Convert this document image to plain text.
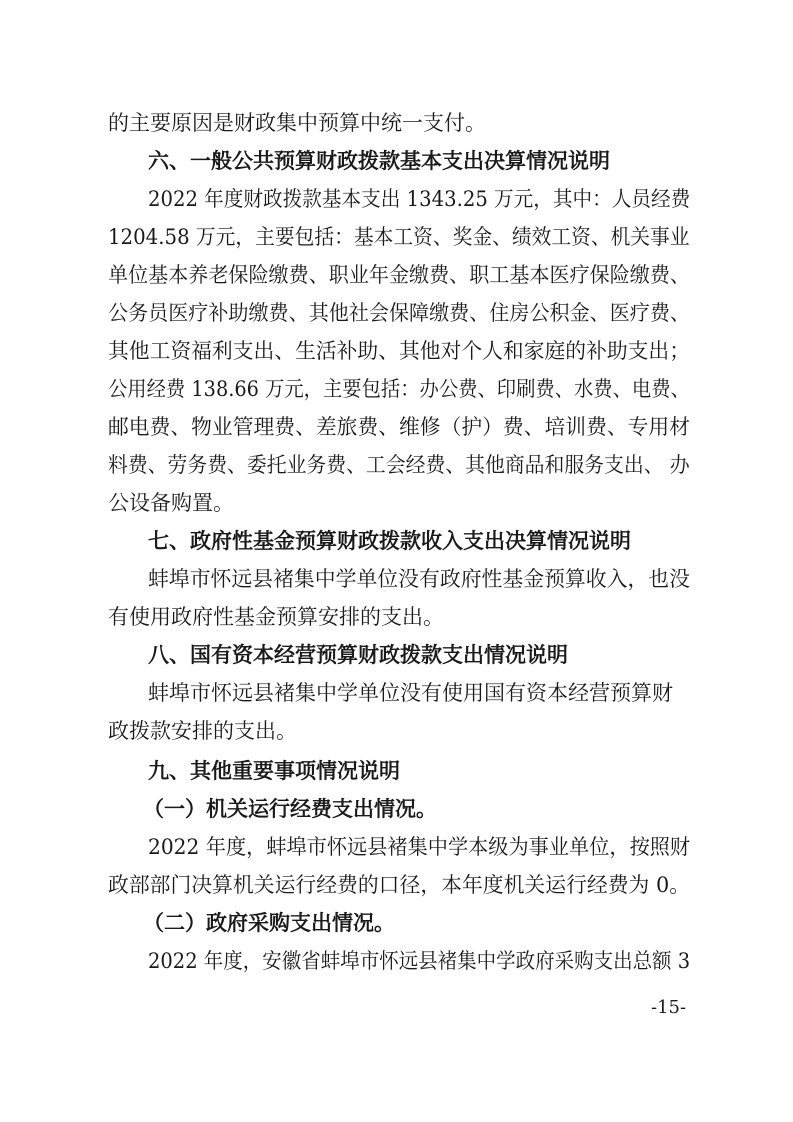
的主要原因是财政集中预算中统一支付。
六、一般公共预算财政拨款基本支出决算情况说明
2022 年度财政拨款基本支出 1343.25 万元，其中：人员经费
1204.58 万元，主要包括：基本工资、奖金、绩效工资、机关事业
单位基本养老保险缴费、职业年金缴费、职工基本医疗保险缴费、
公务员医疗补助缴费、其他社会保障缴费、住房公积金、医疗费、
其他工资福利支出、生活补助、其他对个人和家庭的补助支出；
公用经费 138.66 万元，主要包括：办公费、印刷费、水费、电费、
邮电费、物业管理费、差旅费、维修（护）费、培训费、专用材
料费、劳务费、委托业务费、工会经费、其他商品和服务支出、 办
公设备购置。
七、政府性基金预算财政拨款收入支出决算情况说明
蚌埠市怀远县褚集中学单位没有政府性基金预算收入，也没
有使用政府性基金预算安排的支出。
八、国有资本经营预算财政拨款支出情况说明
蚌埠市怀远县褚集中学单位没有使用国有资本经营预算财
政拨款安排的支出。
九、其他重要事项情况说明
（一）机关运行经费支出情况。
2022 年度，蚌埠市怀远县褚集中学本级为事业单位，按照财
政部部门决算机关运行经费的口径，本年度机关运行经费为 0。
（二）政府采购支出情况。
2022 年度，安徽省蚌埠市怀远县褚集中学政府采购支出总额 3
-15-
